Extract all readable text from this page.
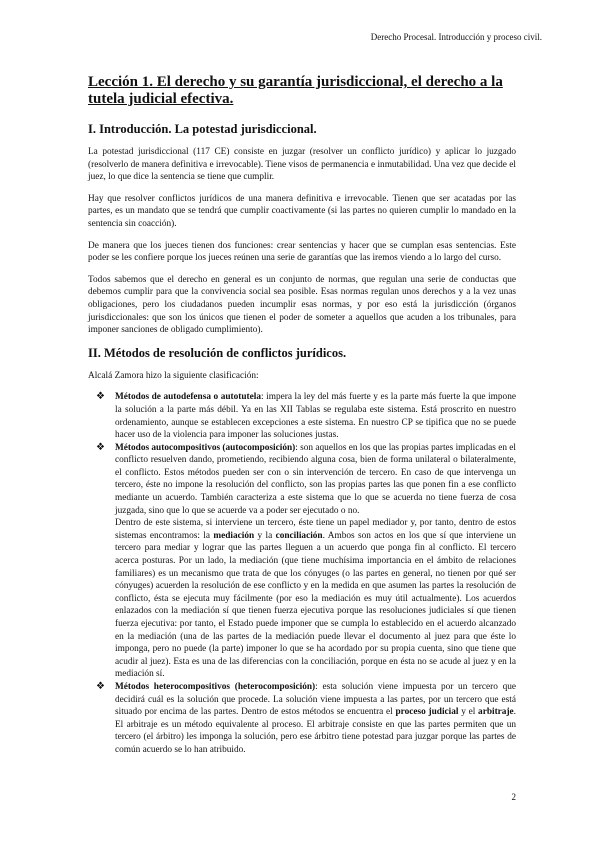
Derecho Procesal. Introducción y proceso civil.
Lección 1. El derecho y su garantía jurisdiccional, el derecho a la tutela judicial efectiva.
I. Introducción. La potestad jurisdiccional.

La potestad jurisdiccional (117 CE) consiste en juzgar (resolver un conflicto jurídico) y aplicar lo juzgado (resolverlo de manera definitiva e irrevocable). Tiene visos de permanencia e inmutabilidad. Una vez que decide el juez, lo que dice la sentencia se tiene que cumplir.

Hay que resolver conflictos jurídicos de una manera definitiva e irrevocable. Tienen que ser acatadas por las partes, es un mandato que se tendrá que cumplir coactivamente (si las partes no quieren cumplir lo mandado en la sentencia sin coacción).

De manera que los jueces tienen dos funciones: crear sentencias y hacer que se cumplan esas sentencias. Este poder se les confiere porque los jueces reúnen una serie de garantías que las iremos viendo a lo largo del curso.

Todos sabemos que el derecho en general es un conjunto de normas, que regulan una serie de conductas que debemos cumplir para que la convivencia social sea posible. Esas normas regulan unos derechos y a la vez unas obligaciones, pero los ciudadanos pueden incumplir esas normas, y por eso está la jurisdicción (órganos jurisdiccionales: que son los únicos que tienen el poder de someter a aquellos que acuden a los tribunales, para imponer sanciones de obligado cumplimiento).

II. Métodos de resolución de conflictos jurídicos.

Alcalá Zamora hizo la siguiente clasificación:

❖ Métodos de autodefensa o autotutela: impera la ley del más fuerte y es la parte más fuerte la que impone la solución a la parte más débil. Ya en las XII Tablas se regulaba este sistema. Está proscrito en nuestro ordenamiento, aunque se establecen excepciones a este sistema. En nuestro CP se tipifica que no se puede hacer uso de la violencia para imponer las soluciones justas.
❖ Métodos autocompositivos (autocomposición): son aquellos en los que las propias partes implicadas en el conflicto resuelven dando, prometiendo, recibiendo alguna cosa, bien de forma unilateral o bilateralmente, el conflicto. Estos métodos pueden ser con o sin intervención de tercero. En caso de que intervenga un tercero, éste no impone la resolución del conflicto, son las propias partes las que ponen fin a ese conflicto mediante un acuerdo. También caracteriza a este sistema que lo que se acuerda no tiene fuerza de cosa juzgada, sino que lo que se acuerde va a poder ser ejecutado o no.

Dentro de este sistema, si interviene un tercero, éste tiene un papel mediador y, por tanto, dentro de estos sistemas encontramos: la mediación y la conciliación. Ambos son actos en los que sí que interviene un tercero para mediar y lograr que las partes lleguen a un acuerdo que ponga fin al conflicto. El tercero acerca posturas. Por un lado, la mediación (que tiene muchísima importancia en el ámbito de relaciones familiares) es un mecanismo que trata de que los cónyuges (o las partes en general, no tienen por qué ser cónyuges) acuerden la resolución de ese conflicto y en la medida en que asumen las partes la resolución de conflicto, ésta se ejecuta muy fácilmente (por eso la mediación es muy útil actualmente). Los acuerdos enlazados con la mediación sí que tienen fuerza ejecutiva porque las resoluciones judiciales sí que tienen fuerza ejecutiva: por tanto, el Estado puede imponer que se cumpla lo establecido en el acuerdo alcanzado en la mediación (una de las partes de la mediación puede llevar el documento al juez para que éste lo imponga, pero no puede (la parte) imponer lo que se ha acordado por su propia cuenta, sino que tiene que acudir al juez). Esta es una de las diferencias con la conciliación, porque en ésta no se acude al juez y en la mediación sí.

❖ Métodos heterocompositivos (heterocomposición): esta solución viene impuesta por un tercero que decidirá cuál es la solución que procede. La solución viene impuesta a las partes, por un tercero que está situado por encima de las partes. Dentro de estos métodos se encuentra el proceso judicial y el arbitraje. El arbitraje es un método equivalente al proceso. El arbitraje consiste en que las partes permiten que un tercero (el árbitro) les imponga la solución, pero ese árbitro tiene potestad para juzgar porque las partes de común acuerdo se lo han atribuido.
2
